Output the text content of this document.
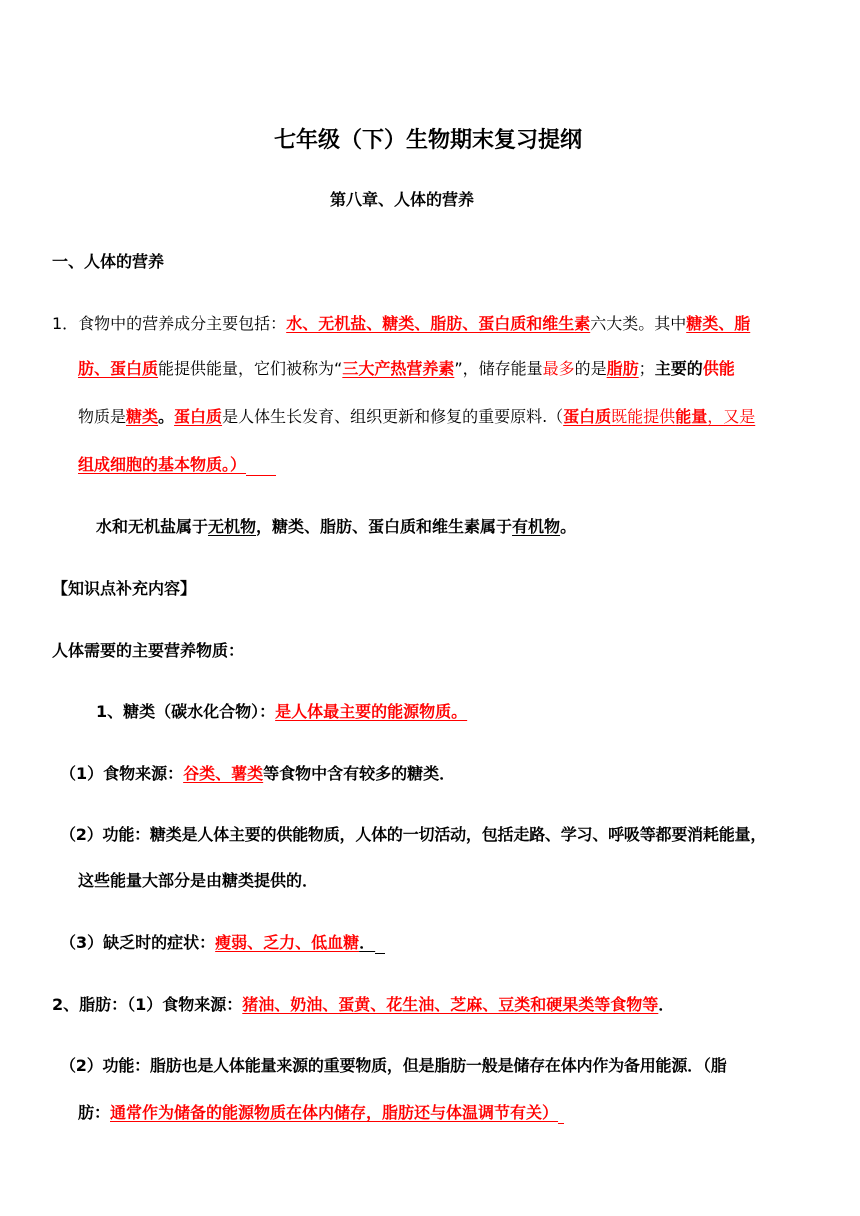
七年级（下）生物期末复习提纲
第八章、人体的营养
一、人体的营养
1．食物中的营养成分主要包括：水、无机盐、糖类、脂肪、蛋白质和维生素六大类。其中糖类、脂
肪、蛋白质能提供能量，它们被称为“三大产热营养素”，储存能量最多的是脂肪；主要的供能
物质是糖类。蛋白质是人体生长发育、组织更新和修复的重要原料.（蛋白质既能提供能量，又是
组成细胞的基本物质。）
水和无机盐属于无机物，糖类、脂肪、蛋白质和维生素属于有机物。
【知识点补充内容】
人体需要的主要营养物质：
1、糖类（碳水化合物）：是人体最主要的能源物质。
（1）食物来源：谷类、薯类等食物中含有较多的糖类．
（2）功能：糖类是人体主要的供能物质，人体的一切活动，包括走路、学习、呼吸等都要消耗能量，
这些能量大部分是由糖类提供的．
（3）缺乏时的症状：瘦弱、乏力、低血糖．
2、脂肪：（1）食物来源：猪油、奶油、蛋黄、花生油、芝麻、豆类和硬果类等食物等．
（2）功能：脂肪也是人体能量来源的重要物质，但是脂肪一般是储存在体内作为备用能源．（脂
肪：通常作为储备的能源物质在体内储存，脂肪还与体温调节有关）
